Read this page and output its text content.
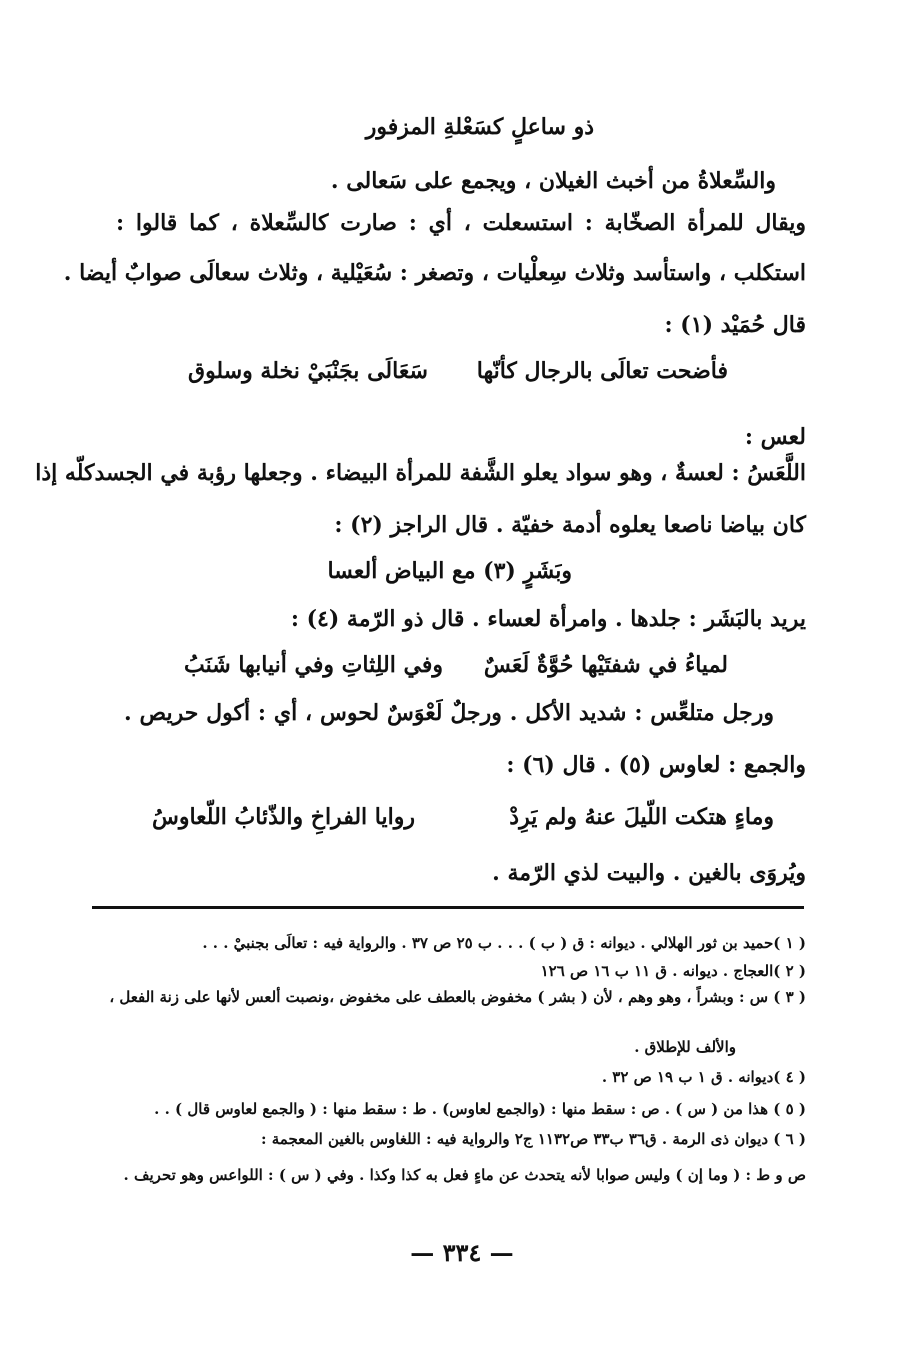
ذو ساعلٍ كسَعْلةِ المزفور
والسِّعلاةُ من أخبث الغيلان ، ويجمع على سَعالى .
ويقال للمرأة الصخّابة : استسعلت ، أي : صارت كالسِّعلاة ، كما قالوا :
استكلب ، واستأسد وثلاث سِعلْيات ، وتصغر : سُعَيْلية ، وثلاث سعالَى صوابٌ أيضا .
قال حُمَيْد (١) :
فأضحت تعالَى بالرجال كأنّها
سَعَالَى بجَنْبَيْ نخلة وسلوق
لعس :
اللَّعَسُ : لعسةٌ ، وهو سواد يعلو الشَّفة للمرأة البيضاء . وجعلها رؤبة في الجسدكلّه إذا
كان بياضا ناصعا يعلوه أدمة خفيّة . قال الراجز (٢) :
وبَشَرٍ (٣) مع البياض ألعسا
يريد بالبَشَر : جلدها . وامرأة لعساء . قال ذو الرّمة (٤) :
لمياءُ في شفتَيْها حُوَّةٌ لَعَسٌ
وفي اللِثاتِ وفي أنيابها شَنَبُ
ورجل متلعِّس : شديد الأكل . ورجلٌ لَعْوَسٌ لحوس ، أي : أكول حريص .
والجمع : لعاوس (٥) . قال (٦) :
وماءٍ هتكت اللّيلَ عنهُ ولم يَرِدْ
روايا الفراخِ والذّئابُ اللّعاوسُ
ويُروَى بالغين . والبيت لذي الرّمة .
( ١ )حميد بن ثور الهلالي . ديوانه : ق ( ب ) . . . ب ٢٥ ص ٣٧ . والرواية فيه : تعالَى بجنبيْ . . .
( ٢ )العجاج . ديوانه . ق ١١ ب ١٦ ص ١٢٦
( ٣ ) س : وبشراً ، وهو وهم ، لأن ( بشر ) مخفوض بالعطف على مخفوض ،ونصبت ألعس لأنها على زنة الفعل ،
والألف للإطلاق .
( ٤ )ديوانه . ق ١ ب ١٩ ص ٣٢ .
( ٥ ) هذا من ( س ) . ص : سقط منها : (والجمع لعاوس) . ط : سقط منها : ( والجمع لعاوس قال ) . .
( ٦ ) ديوان ذى الرمة . ق٣٦ ب٣٣ ص١١٣٢ ج٢ والرواية فيه : اللغاوس بالغين المعجمة :
ص و ط : ( وما إن ) وليس صوابا لأنه يتحدث عن ماءٍ فعل به كذا وكذا . وفي ( س ) : اللواعس وهو تحريف .
— ٣٣٤ —
